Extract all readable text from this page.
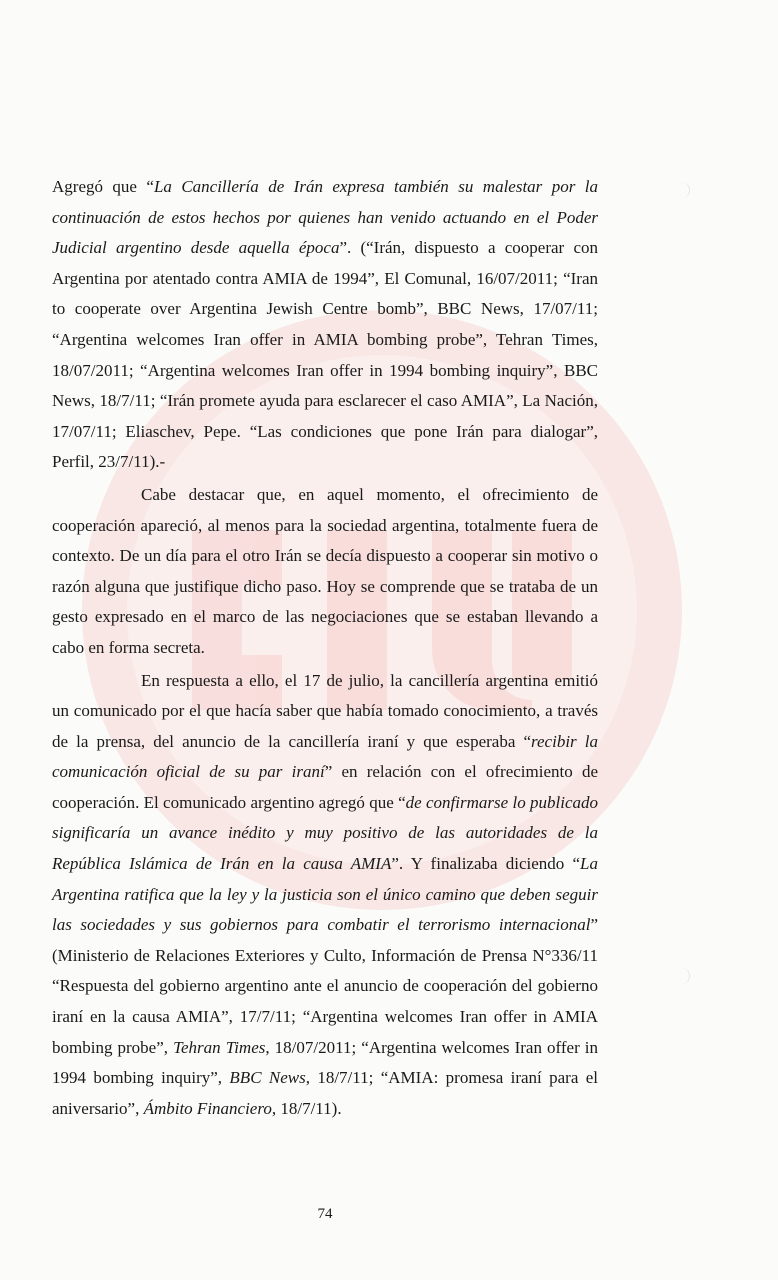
Agregó que “La Cancillería de Irán expresa también su malestar por la continuación de estos hechos por quienes han venido actuando en el Poder Judicial argentino desde aquella época”. (“Irán, dispuesto a cooperar con Argentina por atentado contra AMIA de 1994”, El Comunal, 16/07/2011; “Iran to cooperate over Argentina Jewish Centre bomb”, BBC News, 17/07/11; “Argentina welcomes Iran offer in AMIA bombing probe”, Tehran Times, 18/07/2011; “Argentina welcomes Iran offer in 1994 bombing inquiry”, BBC News, 18/7/11; “Irán promete ayuda para esclarecer el caso AMIA”, La Nación, 17/07/11; Eliaschev, Pepe. “Las condiciones que pone Irán para dialogar”, Perfil, 23/7/11).-

Cabe destacar que, en aquel momento, el ofrecimiento de cooperación apareció, al menos para la sociedad argentina, totalmente fuera de contexto. De un día para el otro Irán se decía dispuesto a cooperar sin motivo o razón alguna que justifique dicho paso. Hoy se comprende que se trataba de un gesto expresado en el marco de las negociaciones que se estaban llevando a cabo en forma secreta.

En respuesta a ello, el 17 de julio, la cancillería argentina emitió un comunicado por el que hacía saber que había tomado conocimiento, a través de la prensa, del anuncio de la cancillería iraní y que esperaba “recibir la comunicación oficial de su par iraní” en relación con el ofrecimiento de cooperación. El comunicado argentino agregó que “de confirmarse lo publicado significaría un avance inédito y muy positivo de las autoridades de la República Islámica de Irán en la causa AMIA”. Y finalizaba diciendo “La Argentina ratifica que la ley y la justicia son el único camino que deben seguir las sociedades y sus gobiernos para combatir el terrorismo internacional” (Ministerio de Relaciones Exteriores y Culto, Información de Prensa N°336/11 “Respuesta del gobierno argentino ante el anuncio de cooperación del gobierno iraní en la causa AMIA”, 17/7/11; “Argentina welcomes Iran offer in AMIA bombing probe”, Tehran Times, 18/07/2011; “Argentina welcomes Iran offer in 1994 bombing inquiry”, BBC News, 18/7/11; “AMIA: promesa iraní para el aniversario”, Ámbito Financiero, 18/7/11).

74
